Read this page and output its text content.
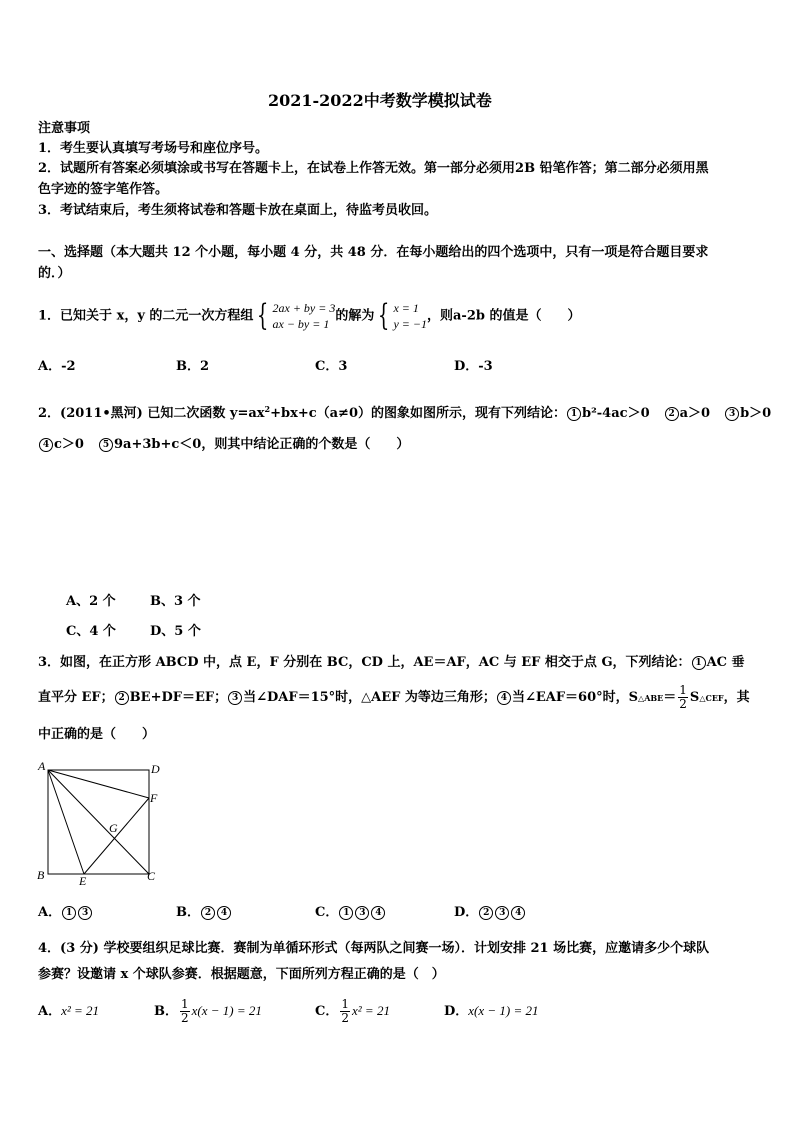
2021-2022中考数学模拟试卷
注意事项
1．考生要认真填写考场号和座位序号。
2．试题所有答案必须填涂或书写在答题卡上，在试卷上作答无效。第一部分必须用2B 铅笔作答；第二部分必须用黑
色字迹的签字笔作答。
3．考试结束后，考生须将试卷和答题卡放在桌面上，待监考员收回。
一、选择题（本大题共 12 个小题，每小题 4 分，共 48 分．在每小题给出的四个选项中，只有一项是符合题目要求
的．）
1．已知关于 x，y 的二元一次方程组 { 2ax + by = 3
ax − by = 1
的解为 { x = 1
y = −1
，则a-2b 的值是（　　）
A．-2	B．2	C．3	D．-3
2．(2011•黑河) 已知二次函数 $y=ax^2+bx+c(a\ne 0)$的图象如图所示，现有下列结论： 1 b²-4ac＞0 2 a＞0 3 b＞0
4 c＞0 5 9a+3b+c＜0，则其中结论正确的个数是（　　）
A、2 个	B、3 个
C、4 个	D、5 个
3．如图，在正方形 ABCD 中，点 E，F 分别在 BC，CD 上，AE＝AF，AC 与 EF 相交于点 G，下列结论： 1 AC 垂
直平分 EF； 2 BE+DF＝EF； 3 当∠DAF＝15°时，△AEF 为等边三角形； 4 当∠EAF＝60°时，S△ABE＝ $\frac{1}{2}$ S△CEF，其
中正确的是（　　）
A	D
F
G
B	E	C
A． 1 3	B． 2 4	C． 1 3 4	D． 2 3 4
4．(3 分) 学校要组织足球比赛．赛制为单循环形式（每两队之间赛一场）．计划安排 21 场比赛，应邀请多少个球队
参赛？设邀请 x 个球队参赛．根据题意，下面所列方程正确的是（　）
A．x² = 21	B． $\frac{1}{2} x(x - 1) = 21$	C． $\frac{1}{2} x^2 = 21$	D．x(x − 1) = 21
